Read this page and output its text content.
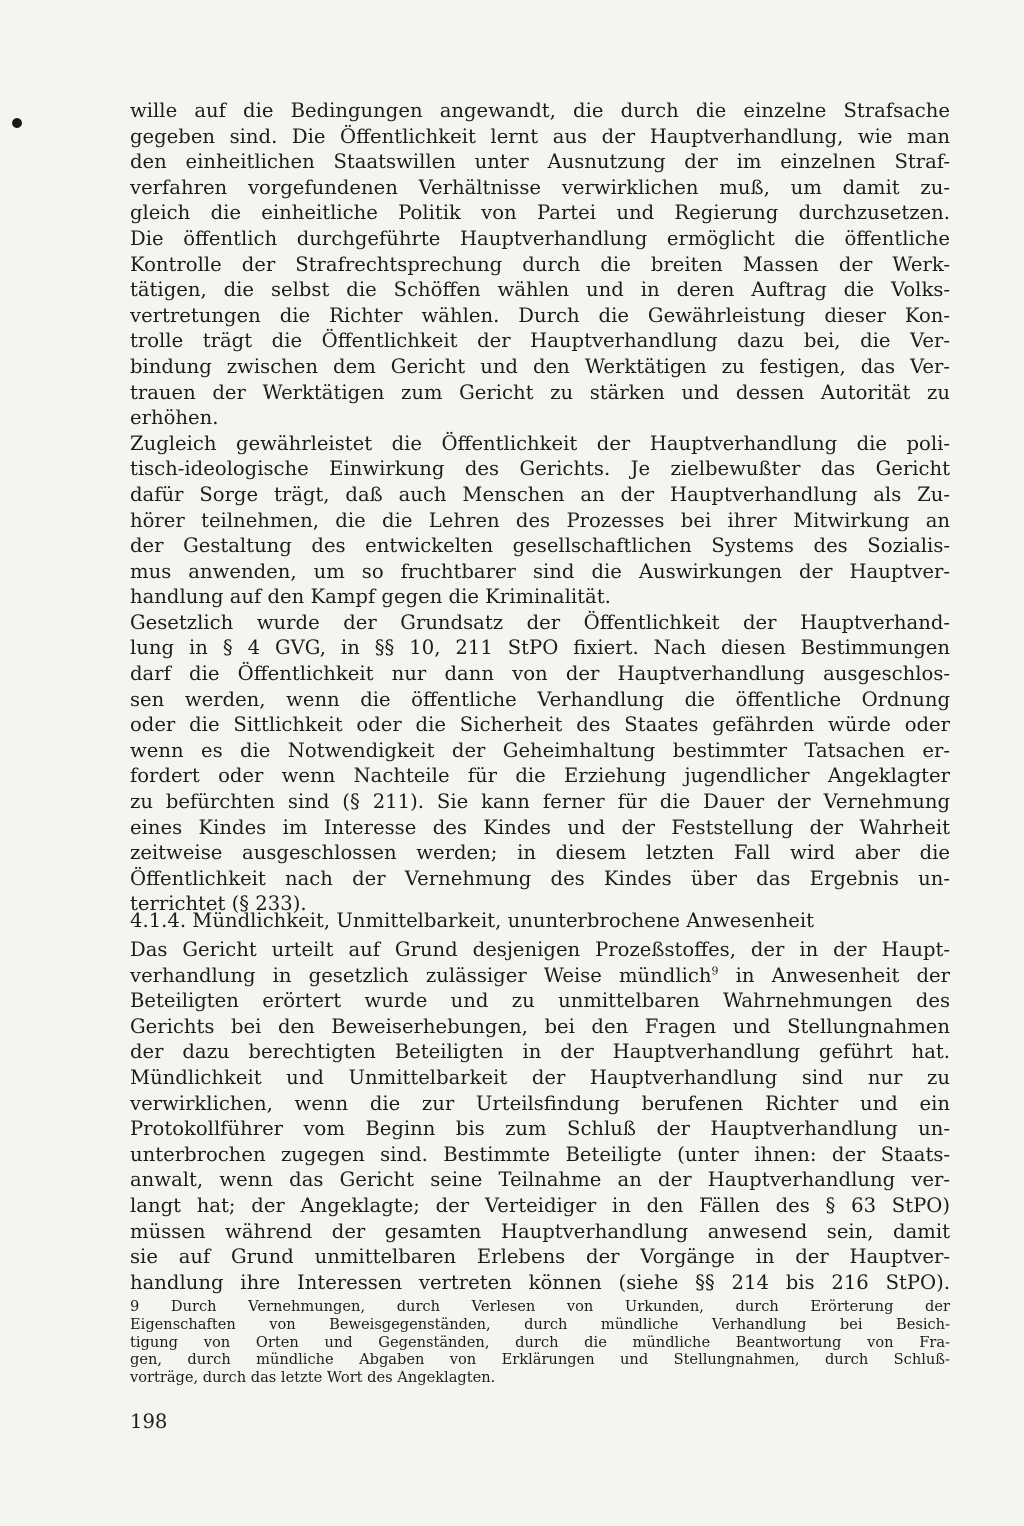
wille auf die Bedingungen angewandt, die durch die einzelne Strafsache
gegeben sind. Die Öffentlichkeit lernt aus der Hauptverhandlung, wie man
den einheitlichen Staatswillen unter Ausnutzung der im einzelnen Straf-
verfahren vorgefundenen Verhältnisse verwirklichen muß, um damit zu-
gleich die einheitliche Politik von Partei und Regierung durchzusetzen.
Die öffentlich durchgeführte Hauptverhandlung ermöglicht die öffentliche
Kontrolle der Strafrechtsprechung durch die breiten Massen der Werk-
tätigen, die selbst die Schöffen wählen und in deren Auftrag die Volks-
vertretungen die Richter wählen. Durch die Gewährleistung dieser Kon-
trolle trägt die Öffentlichkeit der Hauptverhandlung dazu bei, die Ver-
bindung zwischen dem Gericht und den Werktätigen zu festigen, das Ver-
trauen der Werktätigen zum Gericht zu stärken und dessen Autorität zu
erhöhen.
Zugleich gewährleistet die Öffentlichkeit der Hauptverhandlung die poli-
tisch-ideologische Einwirkung des Gerichts. Je zielbewußter das Gericht
dafür Sorge trägt, daß auch Menschen an der Hauptverhandlung als Zu-
hörer teilnehmen, die die Lehren des Prozesses bei ihrer Mitwirkung an
der Gestaltung des entwickelten gesellschaftlichen Systems des Sozialis-
mus anwenden, um so fruchtbarer sind die Auswirkungen der Hauptver-
handlung auf den Kampf gegen die Kriminalität.
Gesetzlich wurde der Grundsatz der Öffentlichkeit der Hauptverhand-
lung in § 4 GVG, in §§ 10, 211 StPO fixiert. Nach diesen Bestimmungen
darf die Öffentlichkeit nur dann von der Hauptverhandlung ausgeschlos-
sen werden, wenn die öffentliche Verhandlung die öffentliche Ordnung
oder die Sittlichkeit oder die Sicherheit des Staates gefährden würde oder
wenn es die Notwendigkeit der Geheimhaltung bestimmter Tatsachen er-
fordert oder wenn Nachteile für die Erziehung jugendlicher Angeklagter
zu befürchten sind (§ 211). Sie kann ferner für die Dauer der Vernehmung
eines Kindes im Interesse des Kindes und der Feststellung der Wahrheit
zeitweise ausgeschlossen werden; in diesem letzten Fall wird aber die
Öffentlichkeit nach der Vernehmung des Kindes über das Ergebnis un-
terrichtet (§ 233).
4.1.4. Mündlichkeit, Unmittelbarkeit, ununterbrochene Anwesenheit
Das Gericht urteilt auf Grund desjenigen Prozeßstoffes, der in der Haupt-
verhandlung in gesetzlich zulässiger Weise mündlich$^9$ in Anwesenheit der
Beteiligten erörtert wurde und zu unmittelbaren Wahrnehmungen des
Gerichts bei den Beweiserhebungen, bei den Fragen und Stellungnahmen
der dazu berechtigten Beteiligten in der Hauptverhandlung geführt hat.
Mündlichkeit und Unmittelbarkeit der Hauptverhandlung sind nur zu
verwirklichen, wenn die zur Urteilsfindung berufenen Richter und ein
Protokollführer vom Beginn bis zum Schluß der Hauptverhandlung un-
unterbrochen zugegen sind. Bestimmte Beteiligte (unter ihnen: der Staats-
anwalt, wenn das Gericht seine Teilnahme an der Hauptverhandlung ver-
langt hat; der Angeklagte; der Verteidiger in den Fällen des § 63 StPO)
müssen während der gesamten Hauptverhandlung anwesend sein, damit
sie auf Grund unmittelbaren Erlebens der Vorgänge in der Hauptver-
handlung ihre Interessen vertreten können (siehe §§ 214 bis 216 StPO).
9 Durch Vernehmungen, durch Verlesen von Urkunden, durch Erörterung der
Eigenschaften von Beweisgegenständen, durch mündliche Verhandlung bei Besich-
tigung von Orten und Gegenständen, durch die mündliche Beantwortung von Fra-
gen, durch mündliche Abgaben von Erklärungen und Stellungnahmen, durch Schluß-
vorträge, durch das letzte Wort des Angeklagten.
198
